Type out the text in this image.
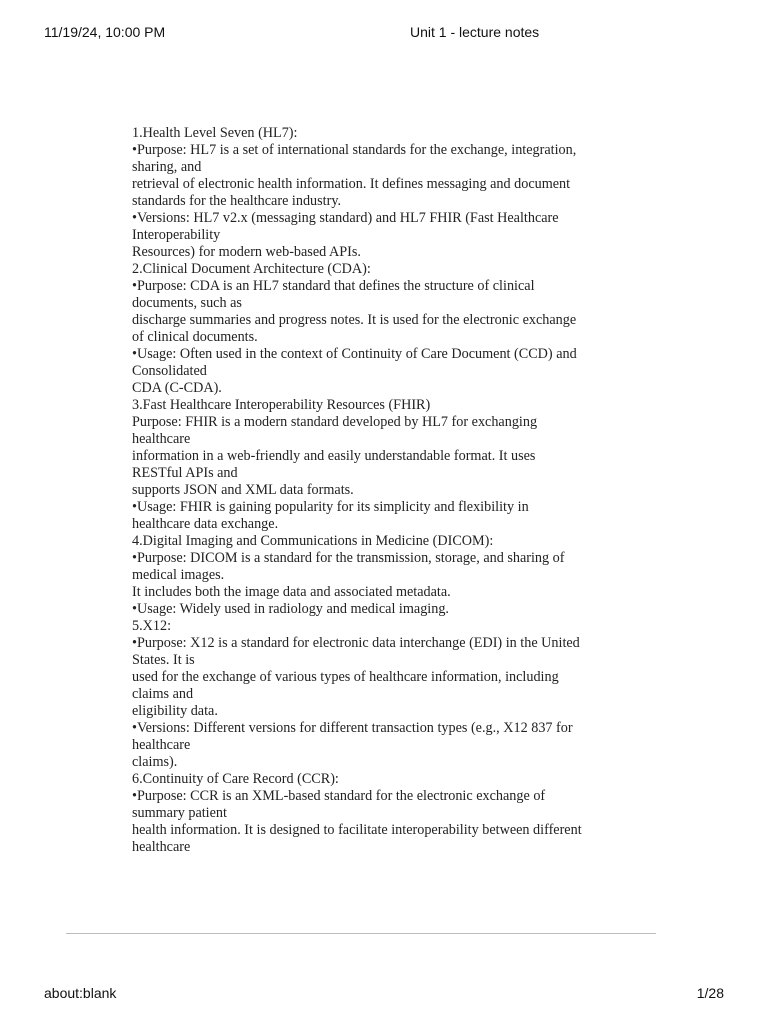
11/19/24, 10:00 PM	Unit 1 - lecture notes
1.Health Level Seven (HL7):
•Purpose: HL7 is a set of international standards for the exchange, integration,
sharing, and
retrieval of electronic health information. It defines messaging and document
standards for the healthcare industry.
•Versions: HL7 v2.x (messaging standard) and HL7 FHIR (Fast Healthcare
Interoperability
Resources) for modern web-based APIs.
2.Clinical Document Architecture (CDA):
•Purpose: CDA is an HL7 standard that defines the structure of clinical
documents, such as
discharge summaries and progress notes. It is used for the electronic exchange
of clinical documents.
•Usage: Often used in the context of Continuity of Care Document (CCD) and
Consolidated
CDA (C-CDA).
3.Fast Healthcare Interoperability Resources (FHIR)
Purpose: FHIR is a modern standard developed by HL7 for exchanging
healthcare
information in a web-friendly and easily understandable format. It uses
RESTful APIs and
supports JSON and XML data formats.
•Usage: FHIR is gaining popularity for its simplicity and flexibility in
healthcare data exchange.
4.Digital Imaging and Communications in Medicine (DICOM):
•Purpose: DICOM is a standard for the transmission, storage, and sharing of
medical images.
It includes both the image data and associated metadata.
•Usage: Widely used in radiology and medical imaging.
5.X12:
•Purpose: X12 is a standard for electronic data interchange (EDI) in the United
States. It is
used for the exchange of various types of healthcare information, including
claims and
eligibility data.
•Versions: Different versions for different transaction types (e.g., X12 837 for
healthcare
claims).
6.Continuity of Care Record (CCR):
•Purpose: CCR is an XML-based standard for the electronic exchange of
summary patient
health information. It is designed to facilitate interoperability between different
healthcare
about:blank	1/28
